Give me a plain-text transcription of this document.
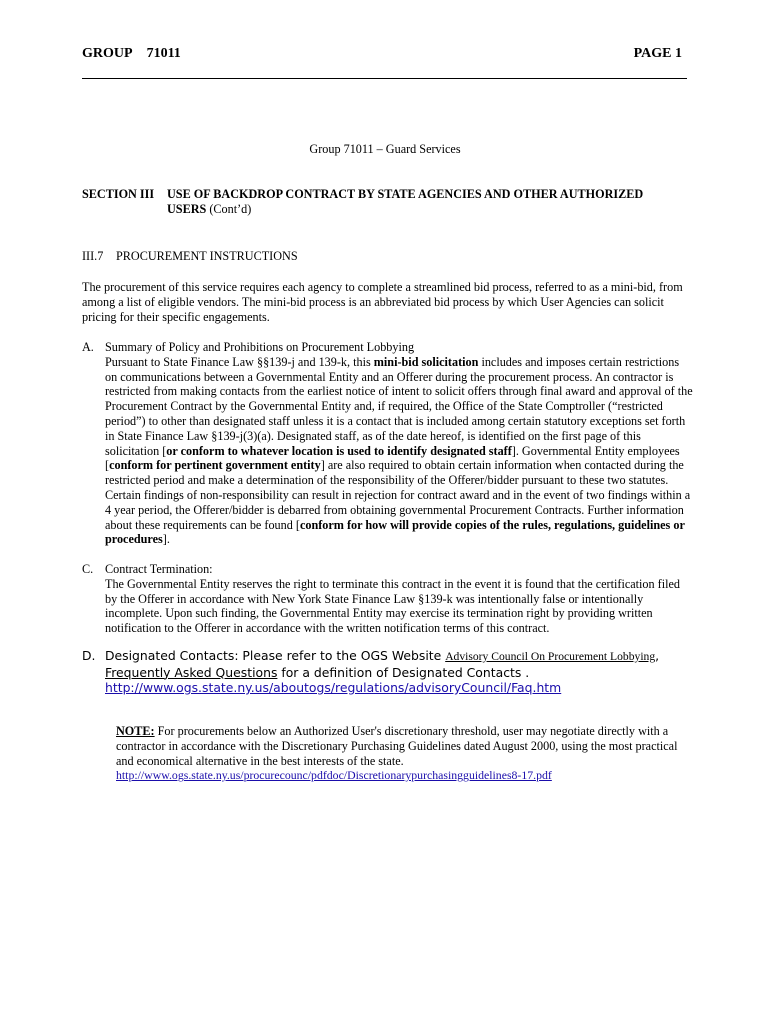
GROUP 71011	PAGE 1
Group 71011 – Guard Services
SECTION III USE OF BACKDROP CONTRACT BY STATE AGENCIES AND OTHER AUTHORIZED
USERS (Cont’d)
III.7 PROCUREMENT INSTRUCTIONS
The procurement of this service requires each agency to complete a streamlined bid process, referred to as a mini-bid, from among a list of eligible vendors. The mini-bid process is an abbreviated bid process by which User Agencies can solicit pricing for their specific engagements.
A. Summary of Policy and Prohibitions on Procurement Lobbying
Pursuant to State Finance Law §§139-j and 139-k, this mini-bid solicitation includes and imposes certain restrictions on communications between a Governmental Entity and an Offerer during the procurement process. An contractor is restricted from making contacts from the earliest notice of intent to solicit offers through final award and approval of the Procurement Contract by the Governmental Entity and, if required, the Office of the State Comptroller (“restricted period”) to other than designated staff unless it is a contact that is included among certain statutory exceptions set forth in State Finance Law §139-j(3)(a). Designated staff, as of the date hereof, is identified on the first page of this solicitation [or conform to whatever location is used to identify designated staff]. Governmental Entity employees [conform for pertinent government entity] are also required to obtain certain information when contacted during the restricted period and make a determination of the responsibility of the Offerer/bidder pursuant to these two statutes. Certain findings of non-responsibility can result in rejection for contract award and in the event of two findings within a 4 year period, the Offerer/bidder is debarred from obtaining governmental Procurement Contracts. Further information about these requirements can be found [conform for how will provide copies of the rules, regulations, guidelines or procedures].
C. Contract Termination:
The Governmental Entity reserves the right to terminate this contract in the event it is found that the certification filed by the Offerer in accordance with New York State Finance Law §139-k was intentionally false or intentionally incomplete. Upon such finding, the Governmental Entity may exercise its termination right by providing written notification to the Offerer in accordance with the written notification terms of this contract.
D. Designated Contacts: Please refer to the OGS Website Advisory Council On Procurement Lobbying, Frequently Asked Questions for a definition of Designated Contacts .
http://www.ogs.state.ny.us/aboutogs/regulations/advisoryCouncil/Faq.htm
NOTE: For procurements below an Authorized User's discretionary threshold, user may negotiate directly with a contractor in accordance with the Discretionary Purchasing Guidelines dated August 2000, using the most practical and economical alternative in the best interests of the state.
http://www.ogs.state.ny.us/procurecounc/pdfdoc/Discretionarypurchasingguidelines8-17.pdf
